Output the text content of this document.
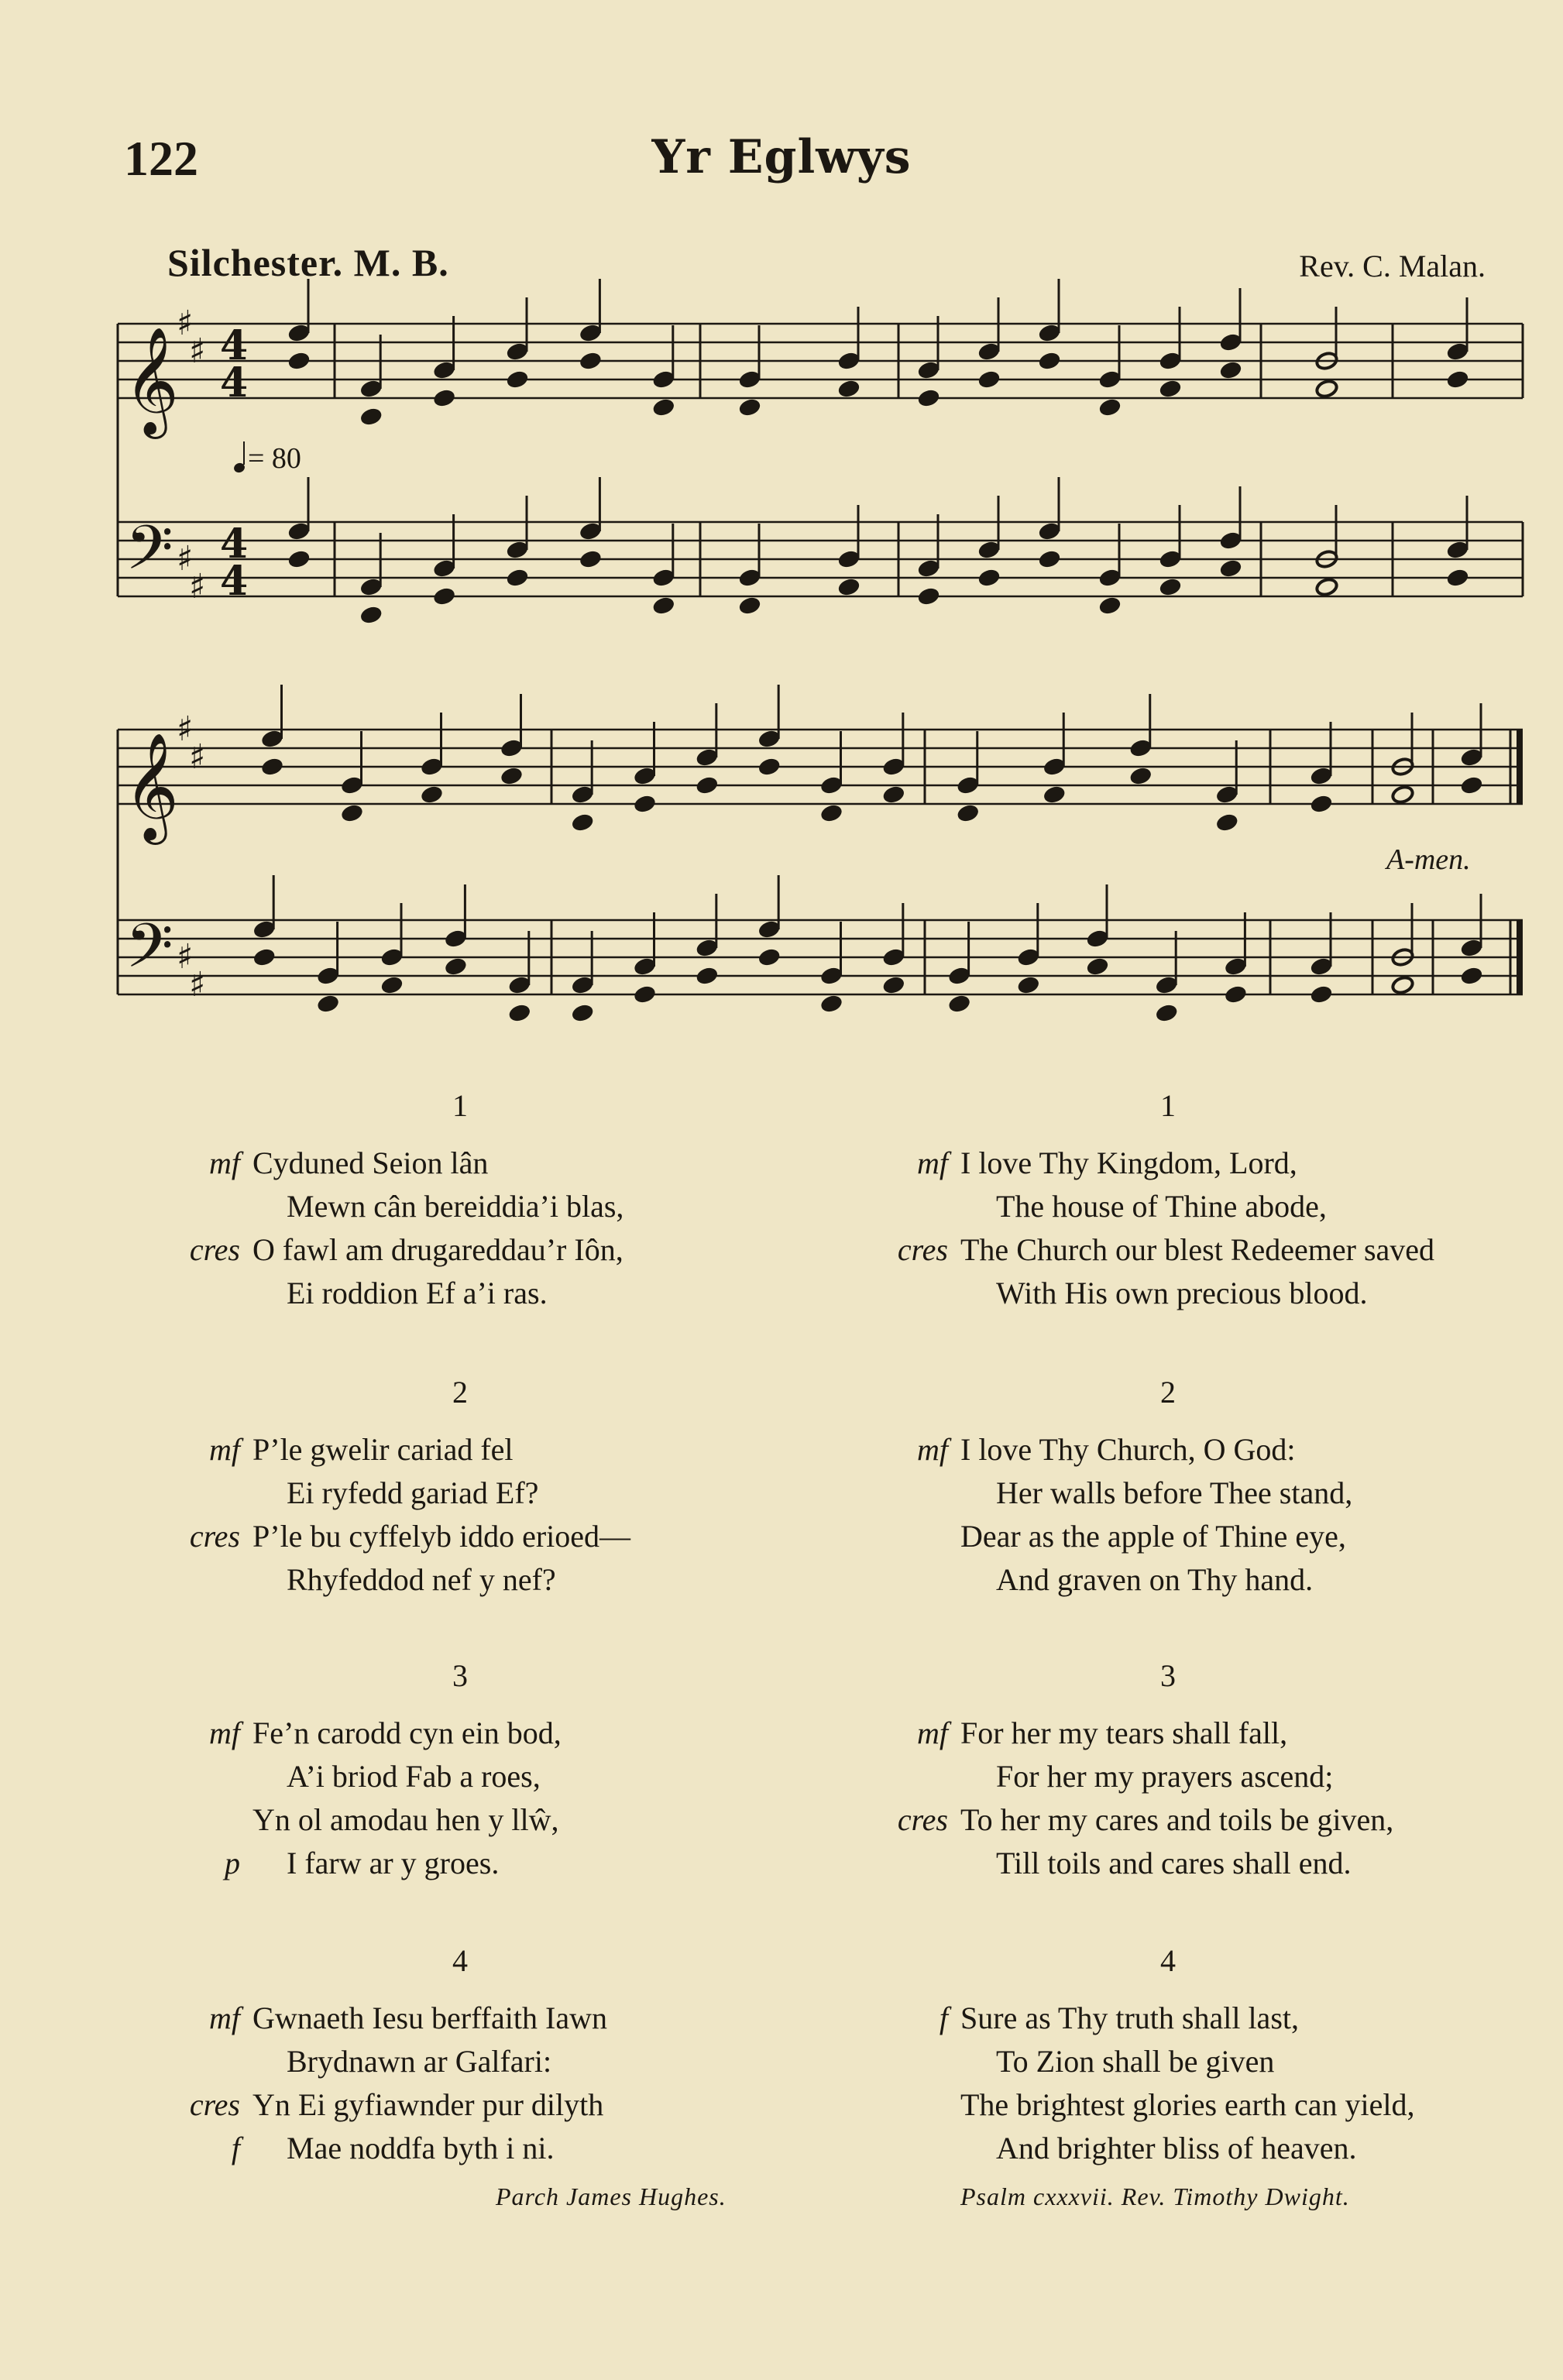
122	Yr Eglwys
Silchester. M. B.	Rev. C. Malan.
𝄞
𝄢
𝄞
𝄢
♯
♯
♯
♯
♯
♯
♯
♯
4
4
4
4
= 80
A-men.
1
mf Cyduned Seion lân
Mewn cân bereiddia’i blas,
cres O fawl am drugareddau’r Iôn,
Ei roddion Ef a’i ras.
2
mf P’le gwelir cariad fel
Ei ryfedd gariad Ef?
cres P’le bu cyffelyb iddo erioed—
Rhyfeddod nef y nef?
3
mf Fe’n carodd cyn ein bod,
A’i briod Fab a roes,
Yn ol amodau hen y llŵ,
p I farw ar y groes.
4
mf Gwnaeth Iesu berffaith Iawn
Brydnawn ar Galfari:
cres Yn Ei gyfiawnder pur dilyth
f Mae noddfa byth i ni.
1
mf I love Thy Kingdom, Lord,
The house of Thine abode,
cres The Church our blest Redeemer saved
With His own precious blood.
2
mf I love Thy Church, O God:
Her walls before Thee stand,
Dear as the apple of Thine eye,
And graven on Thy hand.
3
mf For her my tears shall fall,
For her my prayers ascend;
cres To her my cares and toils be given,
Till toils and cares shall end.
4
f Sure as Thy truth shall last,
To Zion shall be given
The brightest glories earth can yield,
And brighter bliss of heaven.
Parch James Hughes.	Psalm cxxxvii. Rev. Timothy Dwight.
